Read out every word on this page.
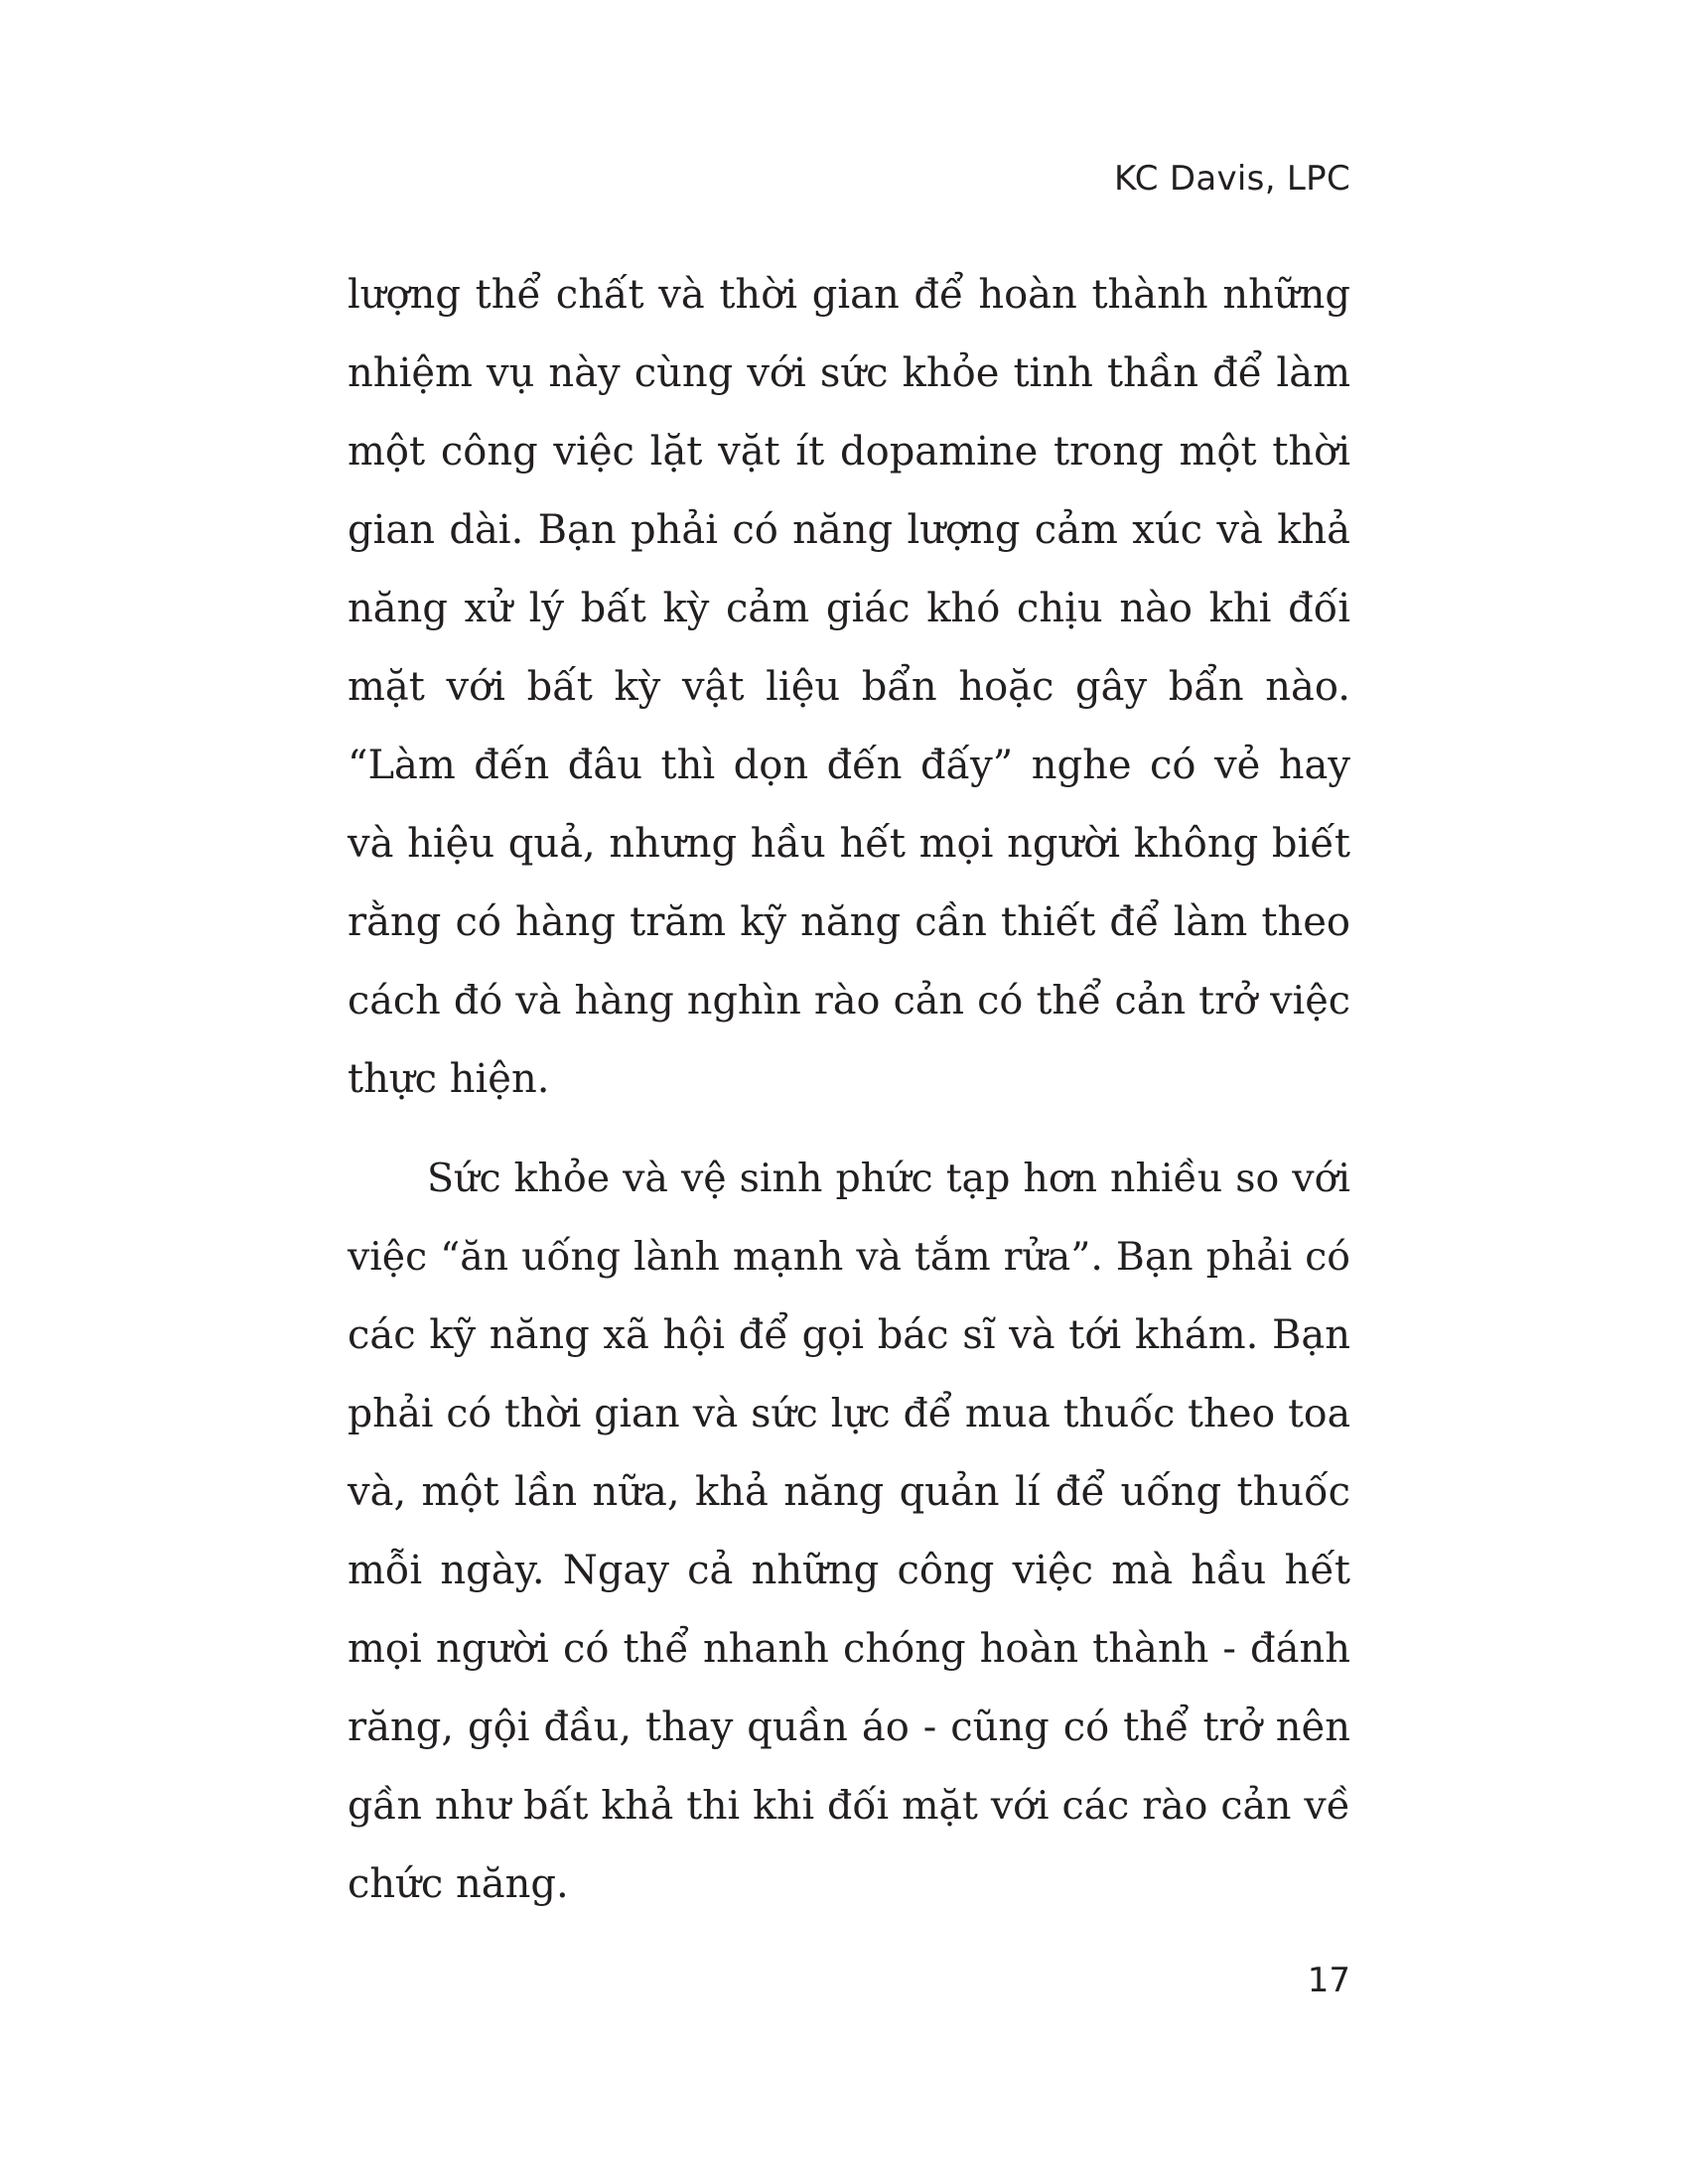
KC Davis, LPC
lượng thể chất và thời gian để hoàn thành những
nhiệm vụ này cùng với sức khỏe tinh thần để làm
một công việc lặt vặt ít dopamine trong một thời
gian dài. Bạn phải có năng lượng cảm xúc và khả
năng xử lý bất kỳ cảm giác khó chịu nào khi đối
mặt với bất kỳ vật liệu bẩn hoặc gây bẩn nào.
“Làm đến đâu thì dọn đến đấy” nghe có vẻ hay
và hiệu quả, nhưng hầu hết mọi người không biết
rằng có hàng trăm kỹ năng cần thiết để làm theo
cách đó và hàng nghìn rào cản có thể cản trở việc
thực hiện.
Sức khỏe và vệ sinh phức tạp hơn nhiều so với
việc “ăn uống lành mạnh và tắm rửa”. Bạn phải có
các kỹ năng xã hội để gọi bác sĩ và tới khám. Bạn
phải có thời gian và sức lực để mua thuốc theo toa
và, một lần nữa, khả năng quản lí để uống thuốc
mỗi ngày. Ngay cả những công việc mà hầu hết
mọi người có thể nhanh chóng hoàn thành - đánh
răng, gội đầu, thay quần áo - cũng có thể trở nên
gần như bất khả thi khi đối mặt với các rào cản về
chức năng.
17
